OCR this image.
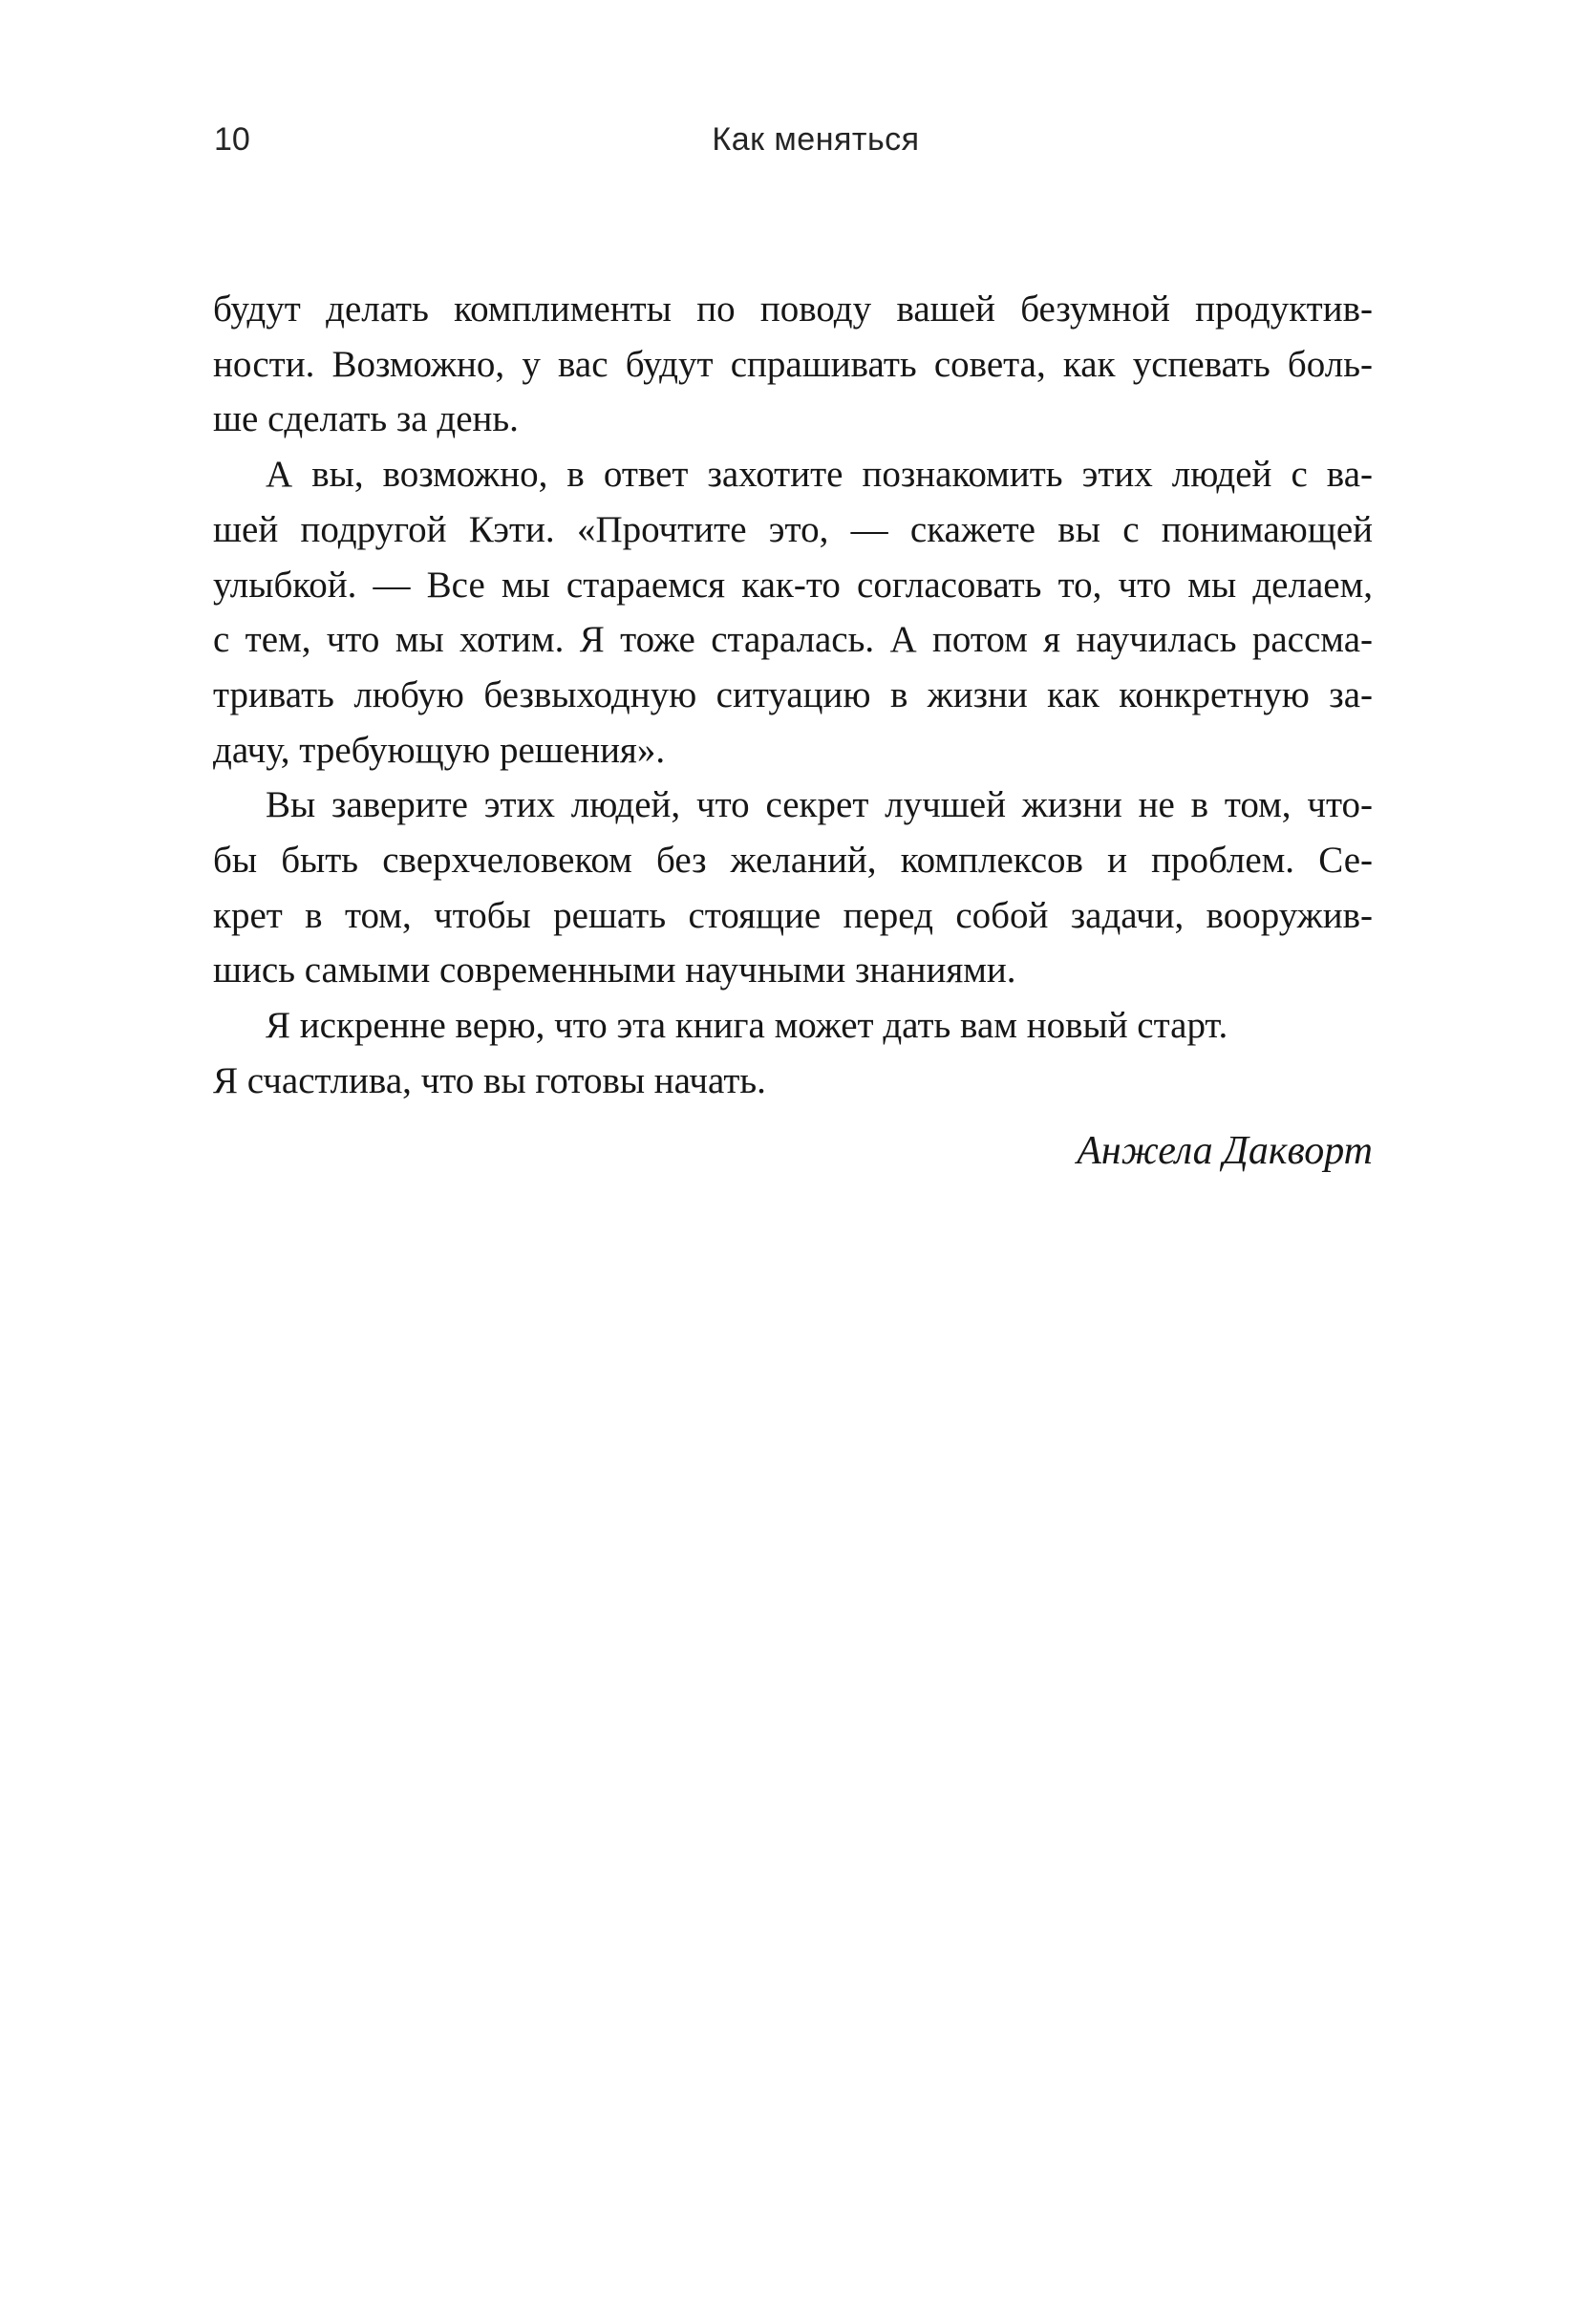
10	Как меняться
будут делать комплименты по поводу вашей безумной продуктив-
ности. Возможно, у вас будут спрашивать совета, как успевать боль-
ше сделать за день.
А вы, возможно, в ответ захотите познакомить этих людей с ва-
шей подругой Кэти. «Прочтите это, — скажете вы с понимающей
улыбкой. — Все мы стараемся как-то согласовать то, что мы делаем,
с тем, что мы хотим. Я тоже старалась. А потом я научилась рассма-
тривать любую безвыходную ситуацию в жизни как конкретную за-
дачу, требующую решения».
Вы заверите этих людей, что секрет лучшей жизни не в том, что-
бы быть сверхчеловеком без желаний, комплексов и проблем. Се-
крет в том, чтобы решать стоящие перед собой задачи, вооружив-
шись самыми современными научными знаниями.
Я искренне верю, что эта книга может дать вам новый старт.
Я счастлива, что вы готовы начать.
Анжела Дакворт
